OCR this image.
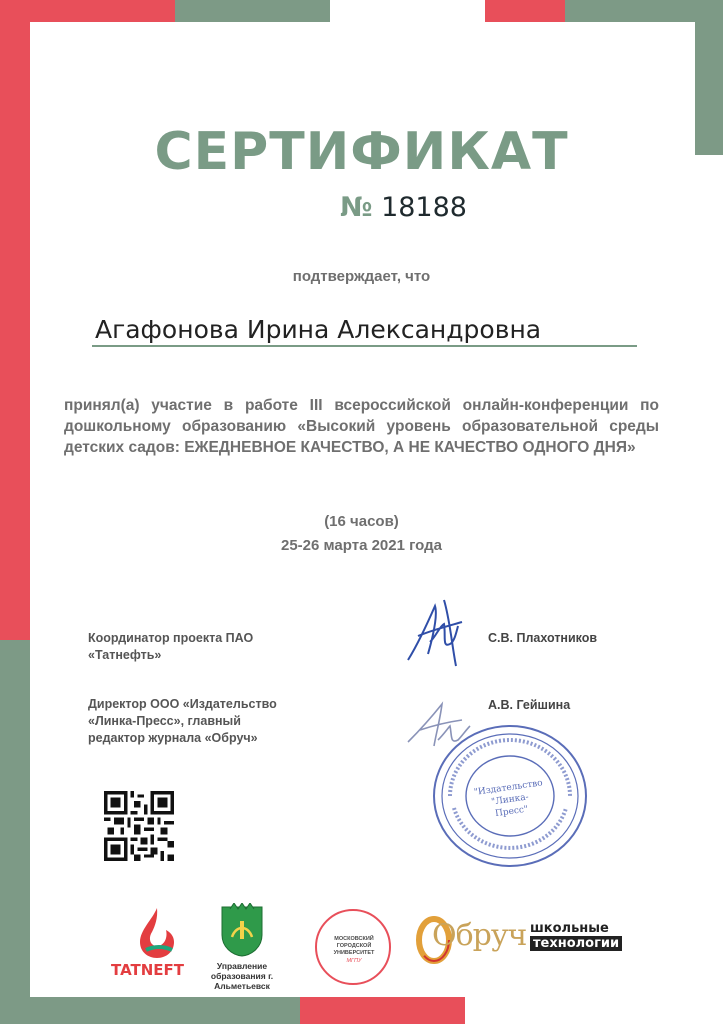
СЕРТИФИКАТ
№ 18188
подтверждает, что
Агафонова Ирина Александровна
принял(а) участие в работе III всероссийской онлайн-конференции по дошкольному образованию «Высокий уровень образовательной среды детских садов: ЕЖЕДНЕВНОЕ КАЧЕСТВО, А НЕ КАЧЕСТВО ОДНОГО ДНЯ»
(16 часов)
25-26 марта 2021 года
Координатор проекта ПАО «Татнефть»
С.В. Плахотников
Директор ООО «Издательство «Линка-Пресс», главный редактор журнала «Обруч»
А.В. Гейшина
"Издательство "Линка-Пресс"
TATNEFT	Управление образования г. Альметьевск
МОСКОВСКИЙ ГОРОДСКОЙ УНИВЕРСИТЕТ
МГПУ
Обруч школьные
технологии
